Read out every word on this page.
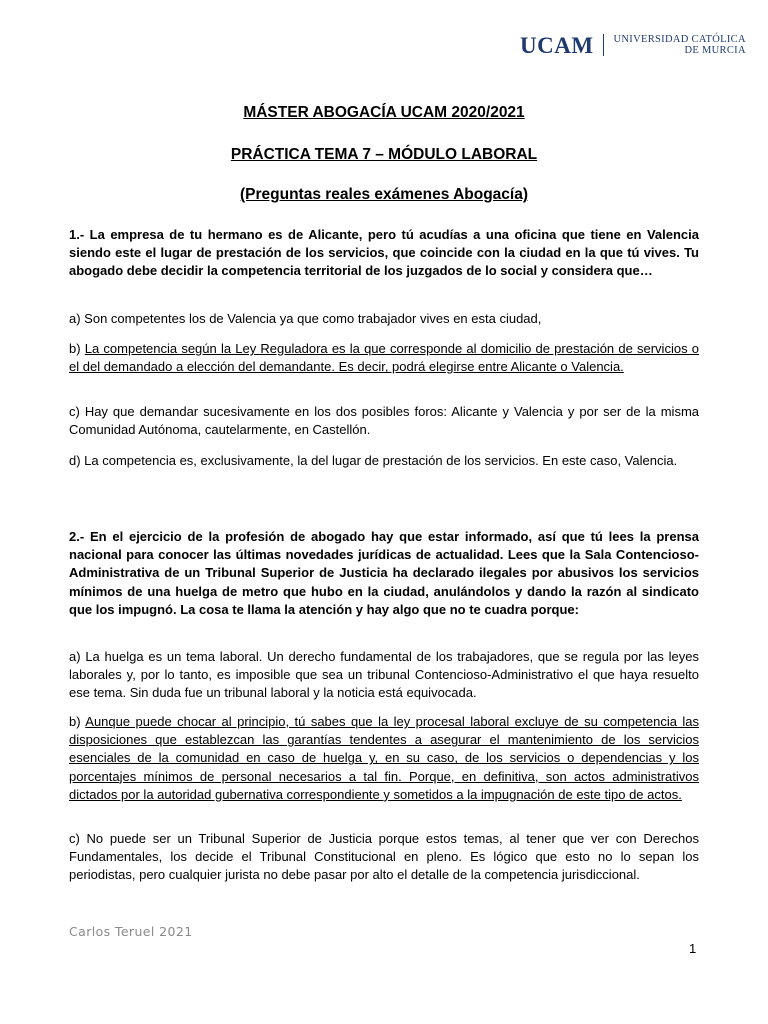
UCAM UNIVERSIDAD CATÓLICA
DE MURCIA
MÁSTER ABOGACÍA UCAM 2020/2021
PRÁCTICA TEMA 7 – MÓDULO LABORAL
(Preguntas reales exámenes Abogacía)
1.- La empresa de tu hermano es de Alicante, pero tú acudías a una oficina que tiene en Valencia siendo este el lugar de prestación de los servicios, que coincide con la ciudad en la que tú vives. Tu abogado debe decidir la competencia territorial de los juzgados de lo social y considera que…
a) Son competentes los de Valencia ya que como trabajador vives en esta ciudad,
b) La competencia según la Ley Reguladora es la que corresponde al domicilio de prestación de servicios o el del demandado a elección del demandante. Es decir, podrá elegirse entre Alicante o Valencia.
c) Hay que demandar sucesivamente en los dos posibles foros: Alicante y Valencia y por ser de la misma Comunidad Autónoma, cautelarmente, en Castellón.
d) La competencia es, exclusivamente, la del lugar de prestación de los servicios. En este caso, Valencia.
2.- En el ejercicio de la profesión de abogado hay que estar informado, así que tú lees la prensa nacional para conocer las últimas novedades jurídicas de actualidad. Lees que la Sala Contencioso-Administrativa de un Tribunal Superior de Justicia ha declarado ilegales por abusivos los servicios mínimos de una huelga de metro que hubo en la ciudad, anulándolos y dando la razón al sindicato que los impugnó. La cosa te llama la atención y hay algo que no te cuadra porque:
a) La huelga es un tema laboral. Un derecho fundamental de los trabajadores, que se regula por las leyes laborales y, por lo tanto, es imposible que sea un tribunal Contencioso-Administrativo el que haya resuelto ese tema. Sin duda fue un tribunal laboral y la noticia está equivocada.
b) Aunque puede chocar al principio, tú sabes que la ley procesal laboral excluye de su competencia las disposiciones que establezcan las garantías tendentes a asegurar el mantenimiento de los servicios esenciales de la comunidad en caso de huelga y, en su caso, de los servicios o dependencias y los porcentajes mínimos de personal necesarios a tal fin. Porque, en definitiva, son actos administrativos dictados por la autoridad gubernativa correspondiente y sometidos a la impugnación de este tipo de actos.
c) No puede ser un Tribunal Superior de Justicia porque estos temas, al tener que ver con Derechos Fundamentales, los decide el Tribunal Constitucional en pleno. Es lógico que esto no lo sepan los periodistas, pero cualquier jurista no debe pasar por alto el detalle de la competencia jurisdiccional.
Carlos Teruel 2021
1
